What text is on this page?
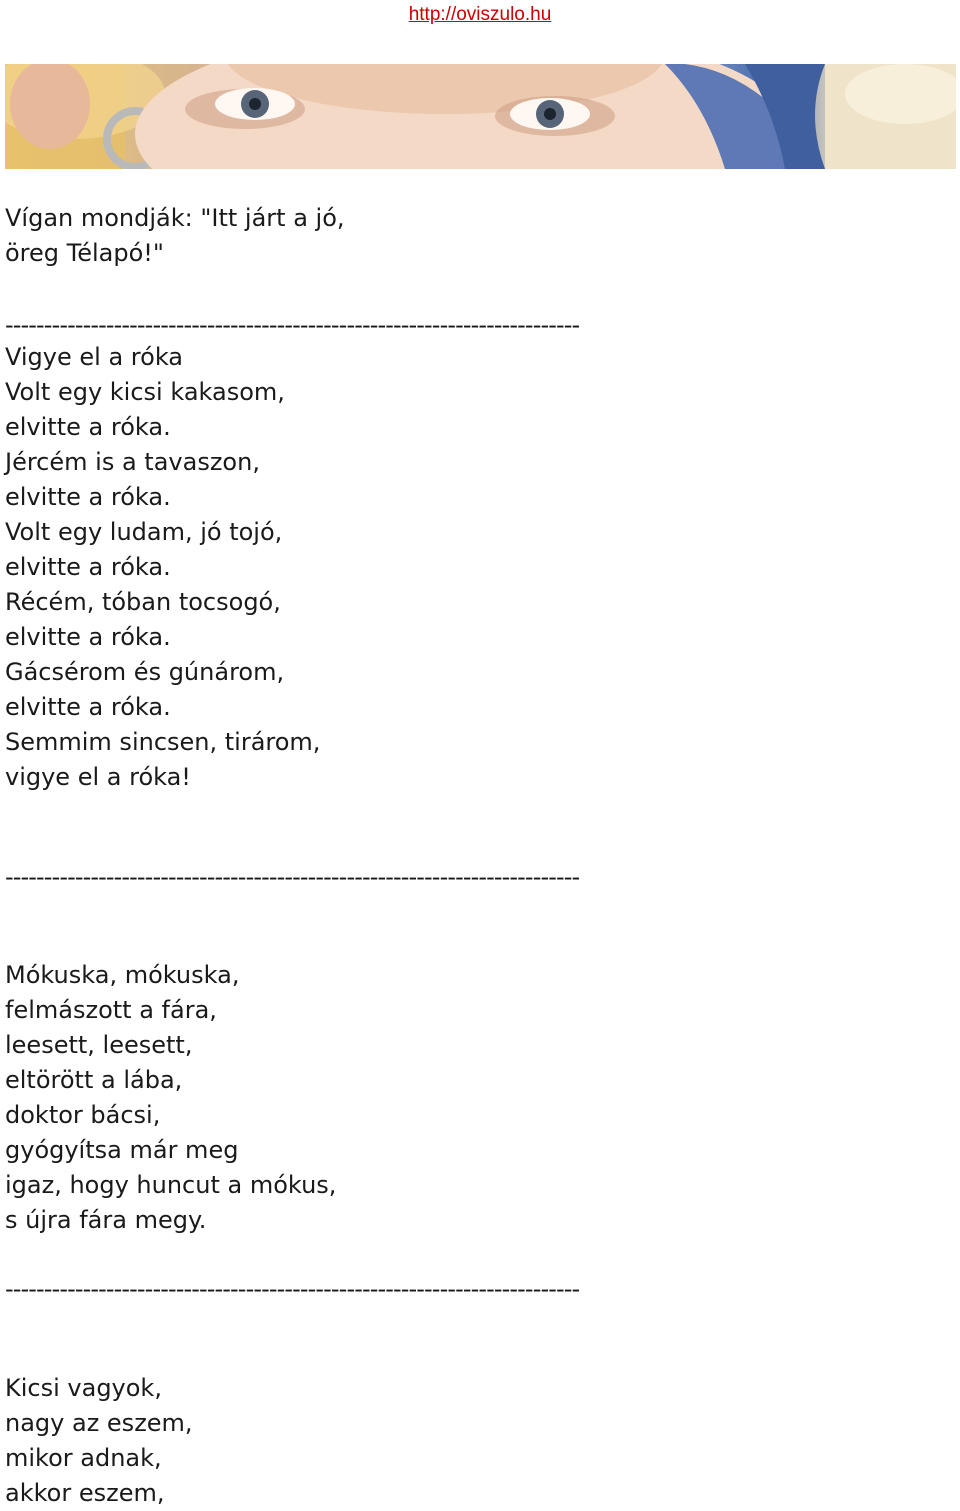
http://oviszulo.hu
Vígan mondják: "Itt járt a jó,
öreg Télapó!"
--------------------------------------------------------------------------
Vigye el a róka
Volt egy kicsi kakasom,
elvitte a róka.
Jércém is a tavaszon,
elvitte a róka.
Volt egy ludam, jó tojó,
elvitte a róka.
Récém, tóban tocsogó,
elvitte a róka.
Gácsérom és gúnárom,
elvitte a róka.
Semmim sincsen, tirárom,
vigye el a róka!
--------------------------------------------------------------------------
Mókuska, mókuska,
felmászott a fára,
leesett, leesett,
eltörött a lába,
doktor bácsi,
gyógyítsa már meg
igaz, hogy huncut a mókus,
s újra fára megy.
--------------------------------------------------------------------------
Kicsi vagyok,
nagy az eszem,
mikor adnak,
akkor eszem,
